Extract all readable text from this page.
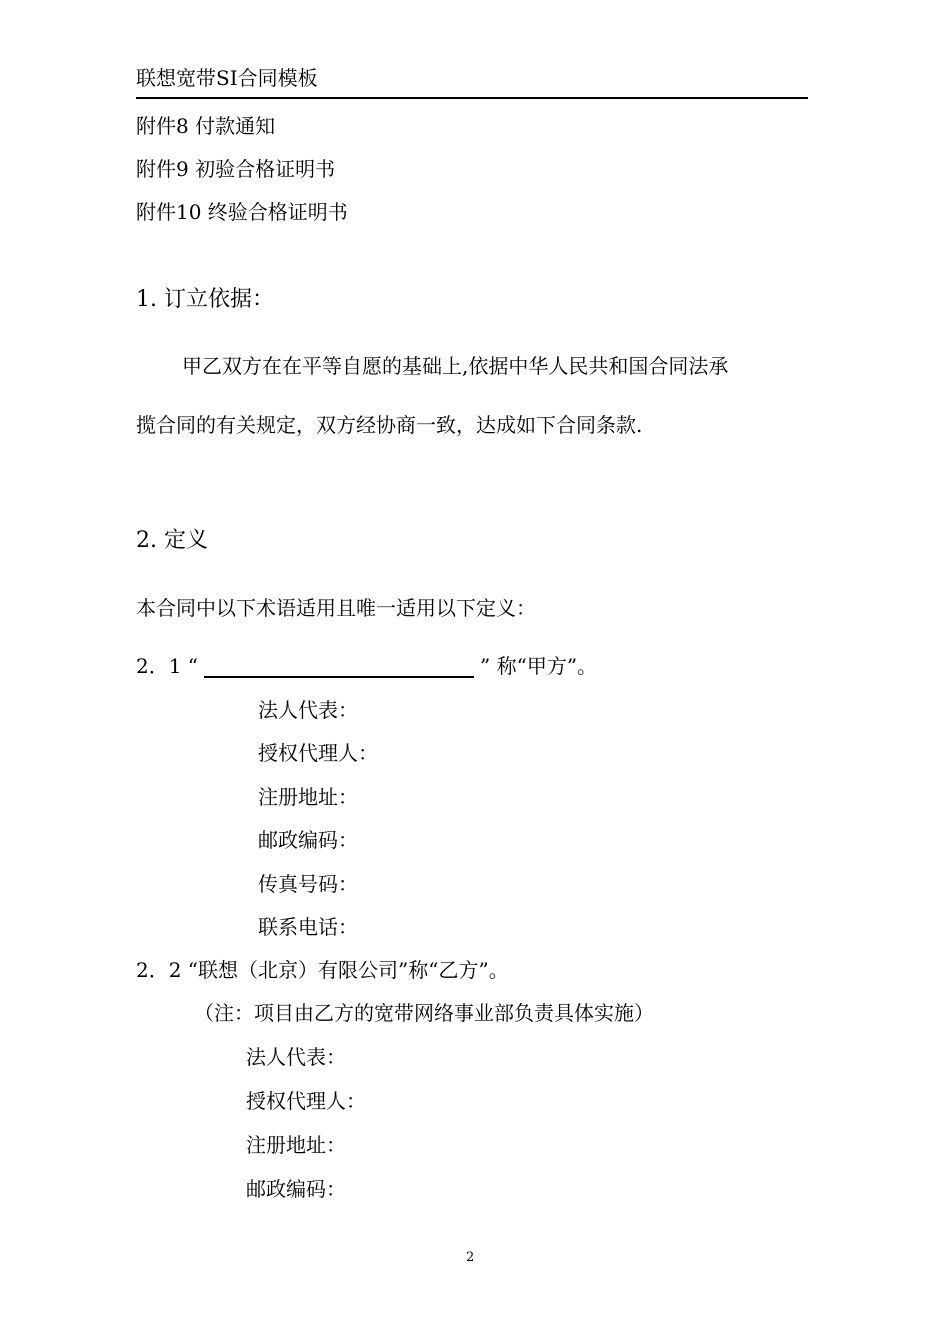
联想宽带SI合同模板
附件8 付款通知
附件9 初验合格证明书
附件10 终验合格证明书
1. 订立依据：
甲乙双方在在平等自愿的基础上,依据中华人民共和国合同法承
揽合同的有关规定，双方经协商一致，达成如下合同条款.
2. 定义
本合同中以下术语适用且唯一适用以下定义：
2．1 “	” 称“甲方”。
法人代表：
授权代理人：
注册地址：
邮政编码：
传真号码：
联系电话：
2．2 “联想（北京）有限公司”称“乙方”。
（注：项目由乙方的宽带网络事业部负责具体实施）
法人代表：
授权代理人：
注册地址：
邮政编码：
2
